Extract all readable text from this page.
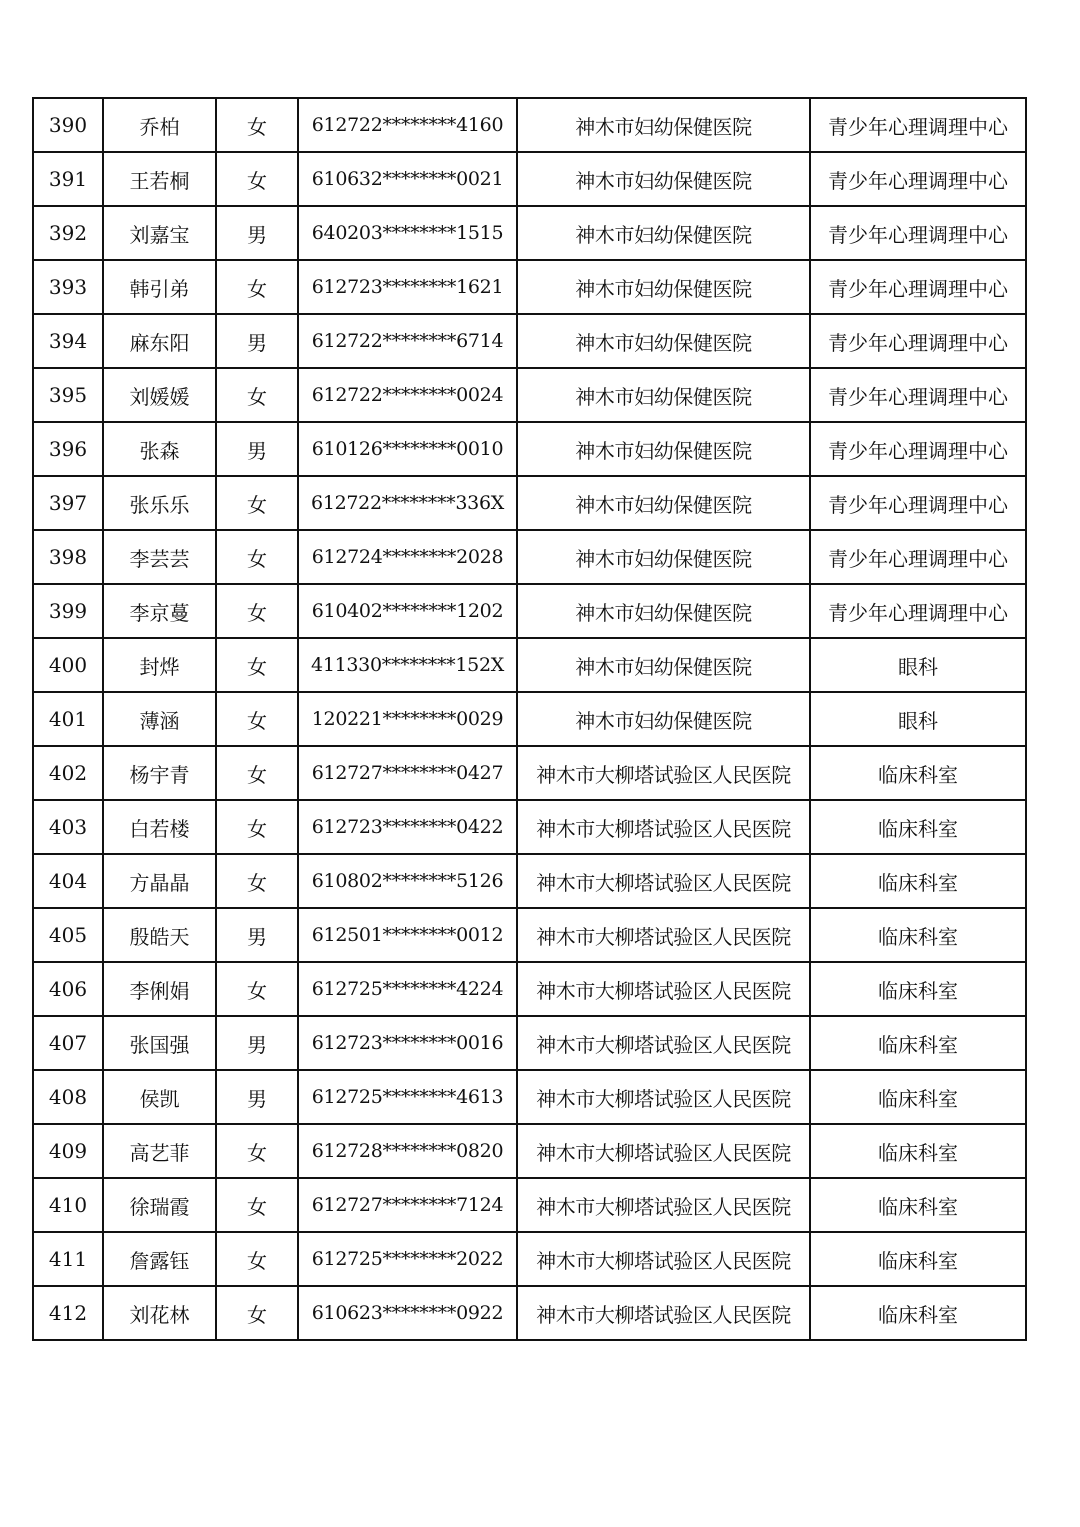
390	乔柏	女	612722********4160	神木市妇幼保健医院	青少年心理调理中心
391	王若桐	女	610632********0021	神木市妇幼保健医院	青少年心理调理中心
392	刘嘉宝	男	640203********1515	神木市妇幼保健医院	青少年心理调理中心
393	韩引弟	女	612723********1621	神木市妇幼保健医院	青少年心理调理中心
394	麻东阳	男	612722********6714	神木市妇幼保健医院	青少年心理调理中心
395	刘媛媛	女	612722********0024	神木市妇幼保健医院	青少年心理调理中心
396	张森	男	610126********0010	神木市妇幼保健医院	青少年心理调理中心
397	张乐乐	女	612722********336X	神木市妇幼保健医院	青少年心理调理中心
398	李芸芸	女	612724********2028	神木市妇幼保健医院	青少年心理调理中心
399	李京蔓	女	610402********1202	神木市妇幼保健医院	青少年心理调理中心
400	封烨	女	411330********152X	神木市妇幼保健医院	眼科
401	薄涵	女	120221********0029	神木市妇幼保健医院	眼科
402	杨宇青	女	612727********0427	神木市大柳塔试验区人民医院	临床科室
403	白若楼	女	612723********0422	神木市大柳塔试验区人民医院	临床科室
404	方晶晶	女	610802********5126	神木市大柳塔试验区人民医院	临床科室
405	殷皓天	男	612501********0012	神木市大柳塔试验区人民医院	临床科室
406	李俐娟	女	612725********4224	神木市大柳塔试验区人民医院	临床科室
407	张国强	男	612723********0016	神木市大柳塔试验区人民医院	临床科室
408	侯凯	男	612725********4613	神木市大柳塔试验区人民医院	临床科室
409	高艺菲	女	612728********0820	神木市大柳塔试验区人民医院	临床科室
410	徐瑞霞	女	612727********7124	神木市大柳塔试验区人民医院	临床科室
411	詹露钰	女	612725********2022	神木市大柳塔试验区人民医院	临床科室
412	刘花林	女	610623********0922	神木市大柳塔试验区人民医院	临床科室
